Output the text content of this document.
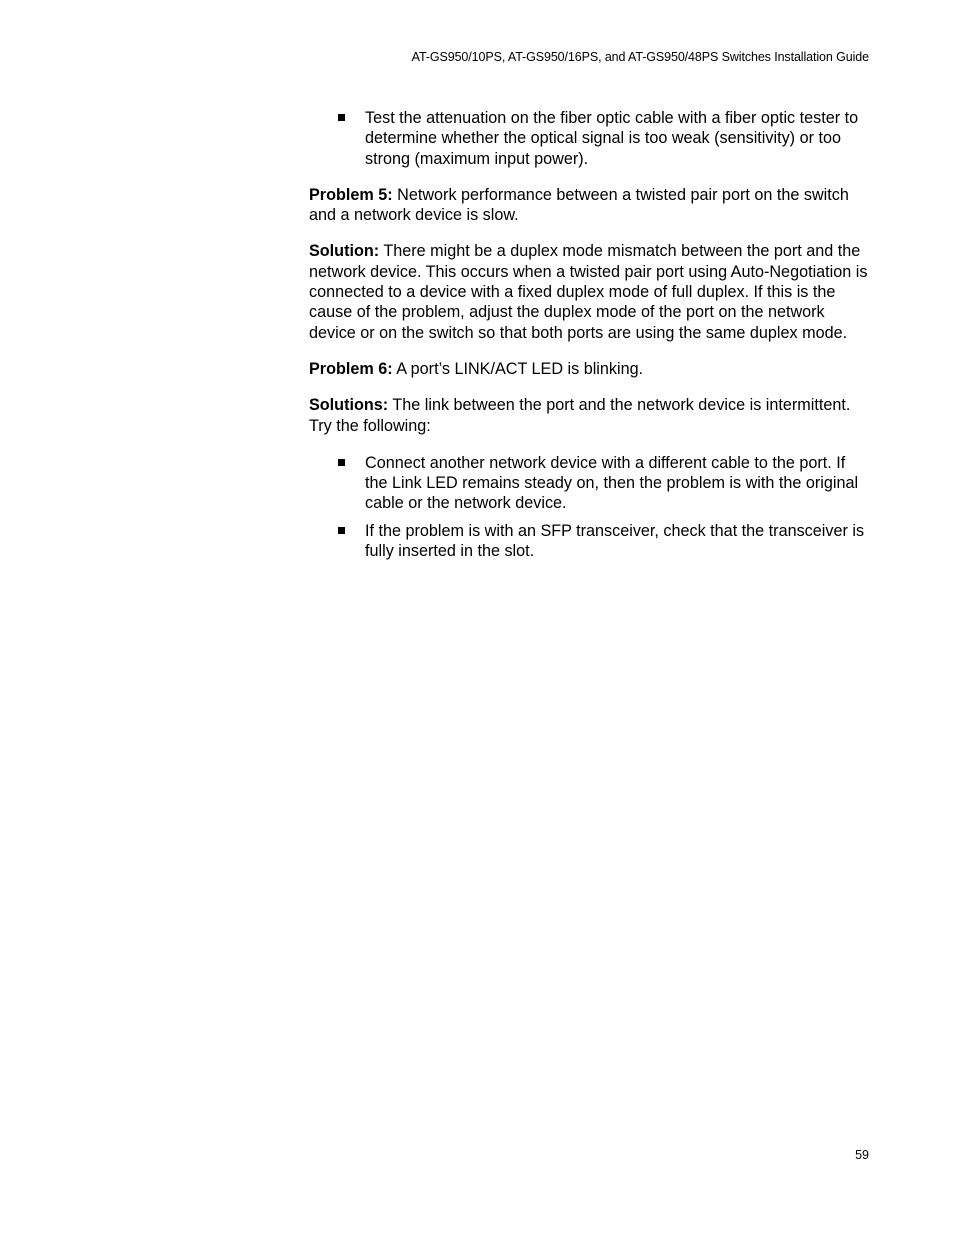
AT-GS950/10PS, AT-GS950/16PS, and AT-GS950/48PS Switches Installation Guide
Test the attenuation on the fiber optic cable with a fiber optic tester to determine whether the optical signal is too weak (sensitivity) or too strong (maximum input power).

Problem 5: Network performance between a twisted pair port on the switch and a network device is slow.

Solution: There might be a duplex mode mismatch between the port and the network device. This occurs when a twisted pair port using Auto-Negotiation is connected to a device with a fixed duplex mode of full duplex. If this is the cause of the problem, adjust the duplex mode of the port on the network device or on the switch so that both ports are using the same duplex mode.

Problem 6: A port’s LINK/ACT LED is blinking.

Solutions: The link between the port and the network device is intermittent. Try the following:

Connect another network device with a different cable to the port. If the Link LED remains steady on, then the problem is with the original cable or the network device.
If the problem is with an SFP transceiver, check that the transceiver is fully inserted in the slot.
59
